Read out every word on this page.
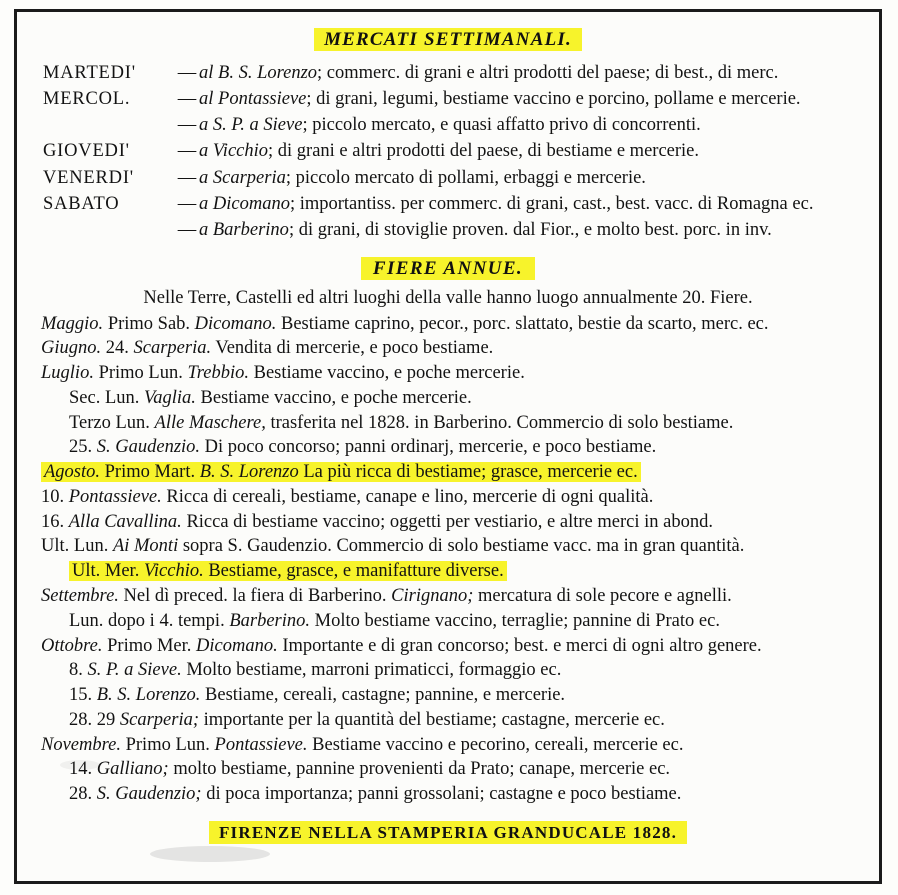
MERCATI SETTIMANALI.
MARTEDI'	—	al B. S. Lorenzo; commerc. di grani e altri prodotti del paese; di best., di merc.
MERCOL.	—	al Pontassieve; di grani, legumi, bestiame vaccino e porcino, pollame e mercerie.
	—	a S. P. a Sieve; piccolo mercato, e quasi affatto privo di concorrenti.
GIOVEDI'	—	a Vicchio; di grani e altri prodotti del paese, di bestiame e mercerie.
VENERDI'	—	a Scarperia; piccolo mercato di pollami, erbaggi e mercerie.
SABATO	—	a Dicomano; importantiss. per commerc. di grani, cast., best. vacc. di Romagna ec.
	—	a Barberino; di grani, di stoviglie proven. dal Fior., e molto best. porc. in inv.
FIERE ANNUE.
Nelle Terre, Castelli ed altri luoghi della valle hanno luogo annualmente 20. Fiere.
Maggio. Primo Sab. Dicomano. Bestiame caprino, pecor., porc. slattato, bestie da scarto, merc. ec.
Giugno. 24. Scarperia. Vendita di mercerie, e poco bestiame.
Luglio. Primo Lun. Trebbio. Bestiame vaccino, e poche mercerie.
Sec. Lun. Vaglia. Bestiame vaccino, e poche mercerie.
Terzo Lun. Alle Maschere, trasferita nel 1828. in Barberino. Commercio di solo bestiame.
25. S. Gaudenzio. Di poco concorso; panni ordinarj, mercerie, e poco bestiame.
Agosto. Primo Mart. B. S. Lorenzo La più ricca di bestiame; grasce, mercerie ec.
10. Pontassieve. Ricca di cereali, bestiame, canape e lino, mercerie di ogni qualità.
16. Alla Cavallina. Ricca di bestiame vaccino; oggetti per vestiario, e altre merci in abond.
Ult. Lun. Ai Monti sopra S. Gaudenzio. Commercio di solo bestiame vacc. ma in gran quantità.
Ult. Mer. Vicchio. Bestiame, grasce, e manifatture diverse.
Settembre. Nel dì preced. la fiera di Barberino. Cirignano; mercatura di sole pecore e agnelli.
Lun. dopo i 4. tempi. Barberino. Molto bestiame vaccino, terraglie; pannine di Prato ec.
Ottobre. Primo Mer. Dicomano. Importante e di gran concorso; best. e merci di ogni altro genere.
8. S. P. a Sieve. Molto bestiame, marroni primaticci, formaggio ec.
15. B. S. Lorenzo. Bestiame, cereali, castagne; pannine, e mercerie.
28. 29 Scarperia; importante per la quantità del bestiame; castagne, mercerie ec.
Novembre. Primo Lun. Pontassieve. Bestiame vaccino e pecorino, cereali, mercerie ec.
14. Galliano; molto bestiame, pannine provenienti da Prato; canape, mercerie ec.
28. S. Gaudenzio; di poca importanza; panni grossolani; castagne e poco bestiame.
FIRENZE NELLA STAMPERIA GRANDUCALE 1828.
